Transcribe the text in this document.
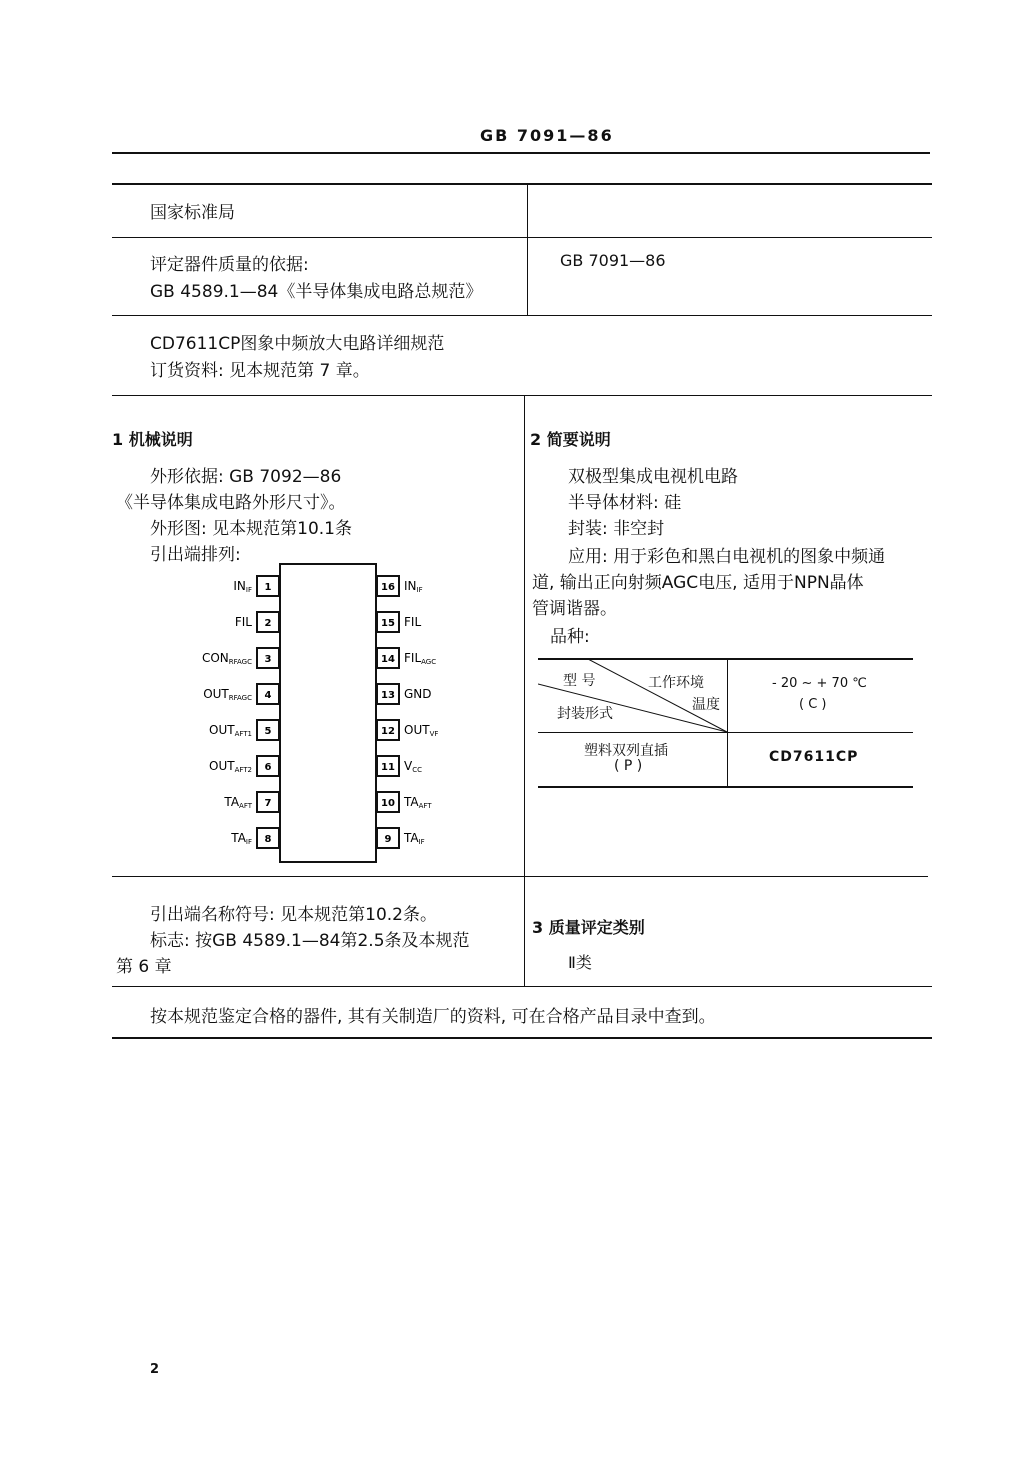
GB 7091—86
国家标准局
评定器件质量的依据:
GB 4589.1—84《半导体集成电路总规范》
GB 7091—86
CD7611CP图象中频放大电路详细规范
订货资料: 见本规范第 7 章。
1 机械说明
外形依据: GB 7092—86
《半导体集成电路外形尺寸》。
外形图: 见本规范第10.1条
引出端排列:
1
INIF
2
FIL
3
CONRFAGC
4
OUTRFAGC
5
OUTAFT1
6
OUTAFT2
7
TAAFT
8
TAIF
16 INIF
15 FIL
14 FILAGC
13 GND
12 OUTVF
11 VCC
10 TAAFT
9 TAIF
2 简要说明
双极型集成电视机电路
半导体材料: 硅
封装: 非空封
应用: 用于彩色和黑白电视机的图象中频通
道, 输出正向射频AGC电压, 适用于NPN晶体
管调谐器。
品种:
型 号	工作环境
温度
封装形式
- 20 ~ + 70 ℃
( C )
塑料双列直插
( P )
CD7611CP
引出端名称符号: 见本规范第10.2条。
标志: 按GB 4589.1—84第2.5条及本规范
第 6 章
3 质量评定类别
Ⅱ类
按本规范鉴定合格的器件, 其有关制造厂的资料, 可在合格产品目录中查到。
2
